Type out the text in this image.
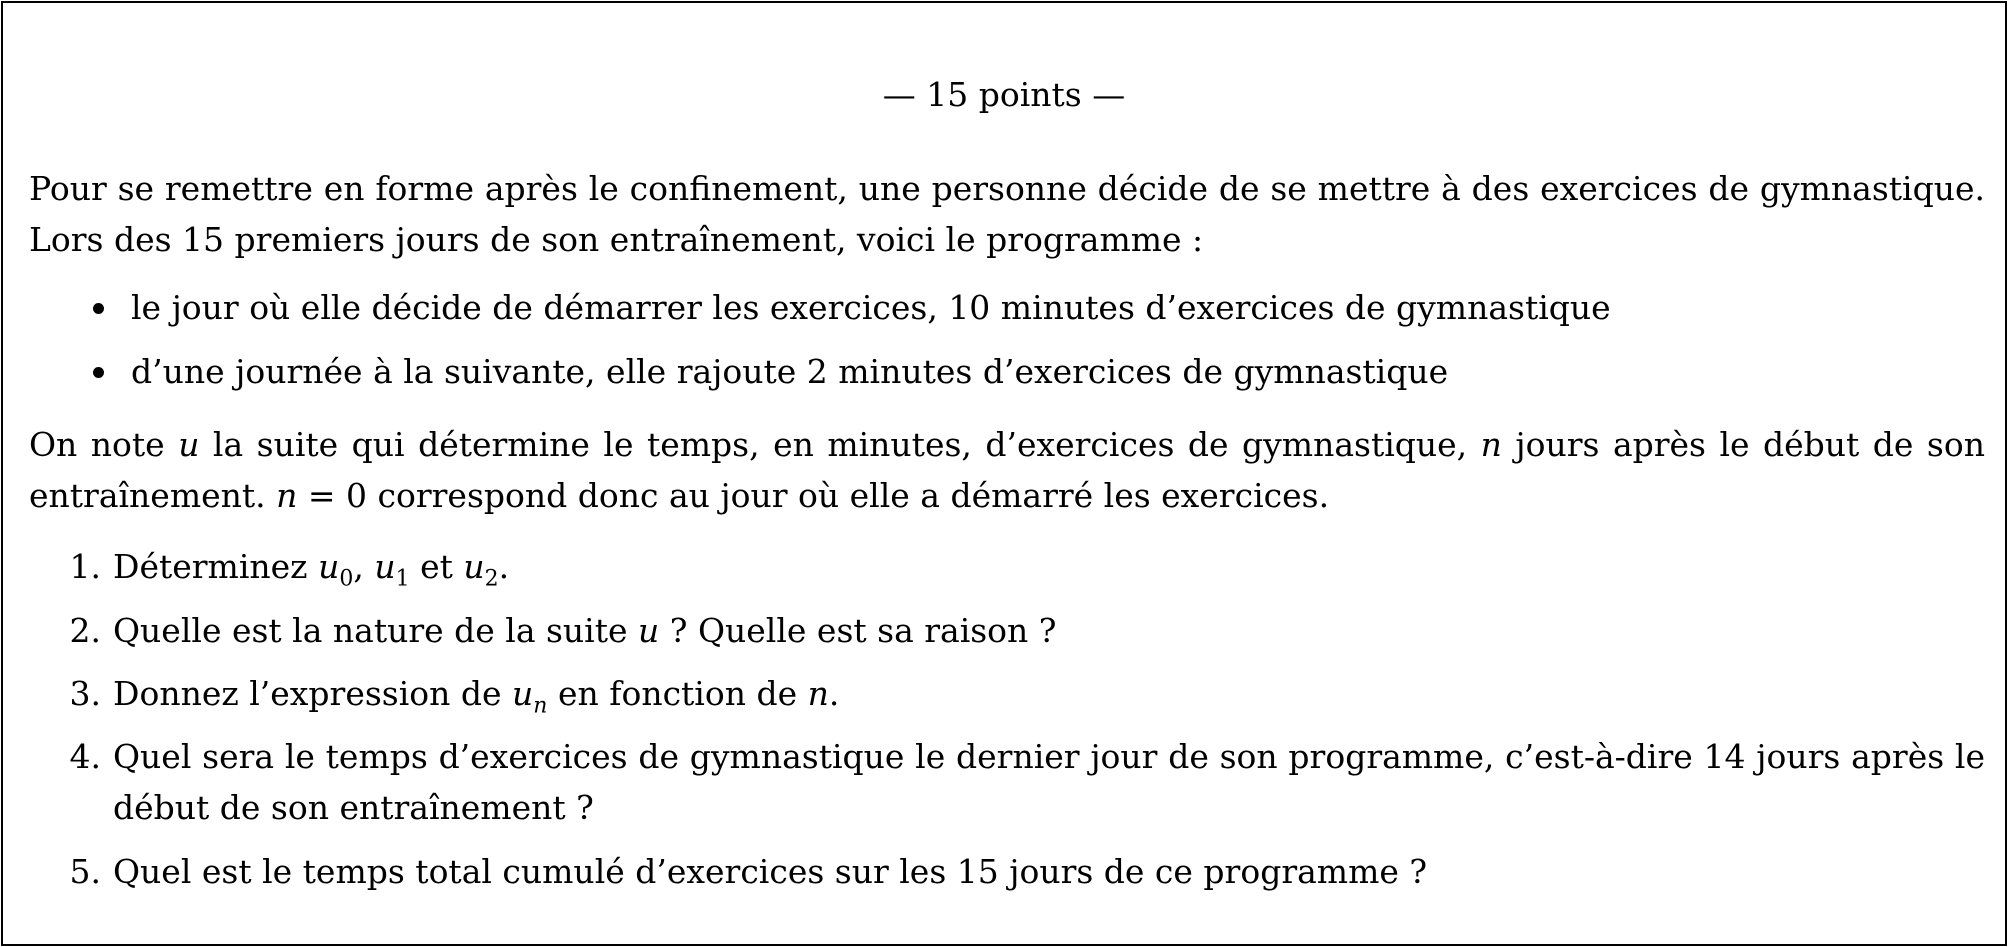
— 15 points —

Pour se remettre en forme après le confinement, une personne décide de se mettre à des exercices de gymnastique. Lors des 15 premiers jours de son entraînement, voici le programme :

le jour où elle décide de démarrer les exercices, 10 minutes d’exercices de gymnastique
d’une journée à la suivante, elle rajoute 2 minutes d’exercices de gymnastique

On note u la suite qui détermine le temps, en minutes, d’exercices de gymnastique, n jours après le début de son entraînement. n = 0 correspond donc au jour où elle a démarré les exercices.

1. Déterminez $u_0$, $u_1$ et $u_2$.
2. Quelle est la nature de la suite u ? Quelle est sa raison ?
3. Donnez l’expression de $u_n$ en fonction de n.
4. Quel sera le temps d’exercices de gymnastique le dernier jour de son programme, c’est-à-dire 14 jours après le début de son entraînement ?
5. Quel est le temps total cumulé d’exercices sur les 15 jours de ce programme ?
